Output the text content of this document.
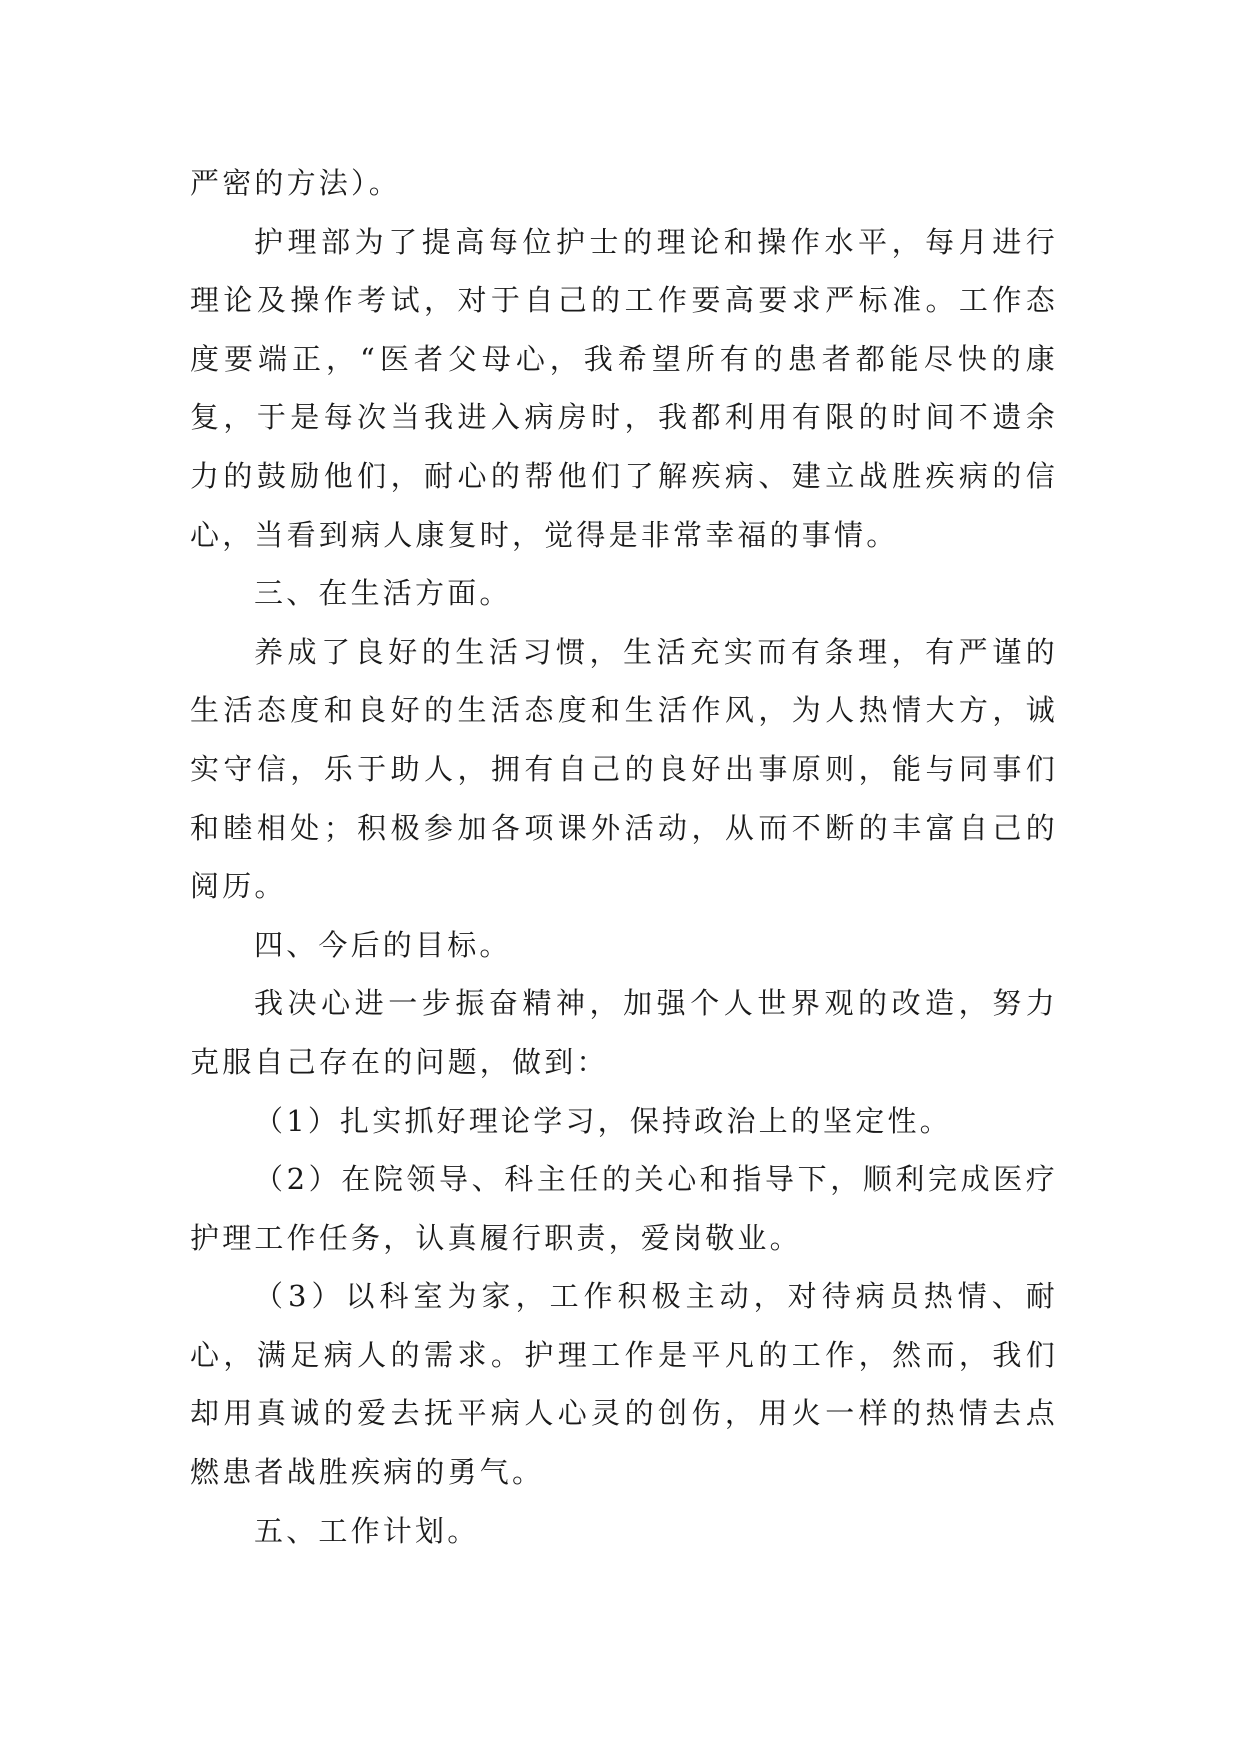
严密的方法）。

护理部为了提高每位护士的理论和操作水平，每月进行理论及操作考试，对于自己的工作要高要求严标准。工作态度要端正，“医者父母心，我希望所有的患者都能尽快的康复，于是每次当我进入病房时，我都利用有限的时间不遗余力的鼓励他们，耐心的帮他们了解疾病、建立战胜疾病的信心，当看到病人康复时，觉得是非常幸福的事情。

三、在生活方面。

养成了良好的生活习惯，生活充实而有条理，有严谨的生活态度和良好的生活态度和生活作风，为人热情大方，诚实守信，乐于助人，拥有自己的良好出事原则，能与同事们和睦相处；积极参加各项课外活动，从而不断的丰富自己的阅历。

四、今后的目标。

我决心进一步振奋精神，加强个人世界观的改造，努力克服自己存在的问题，做到：

（1）扎实抓好理论学习，保持政治上的坚定性。

（2）在院领导、科主任的关心和指导下，顺利完成医疗护理工作任务，认真履行职责，爱岗敬业。

（3）以科室为家，工作积极主动，对待病员热情、耐心，满足病人的需求。护理工作是平凡的工作，然而，我们却用真诚的爱去抚平病人心灵的创伤，用火一样的热情去点燃患者战胜疾病的勇气。

五、工作计划。
